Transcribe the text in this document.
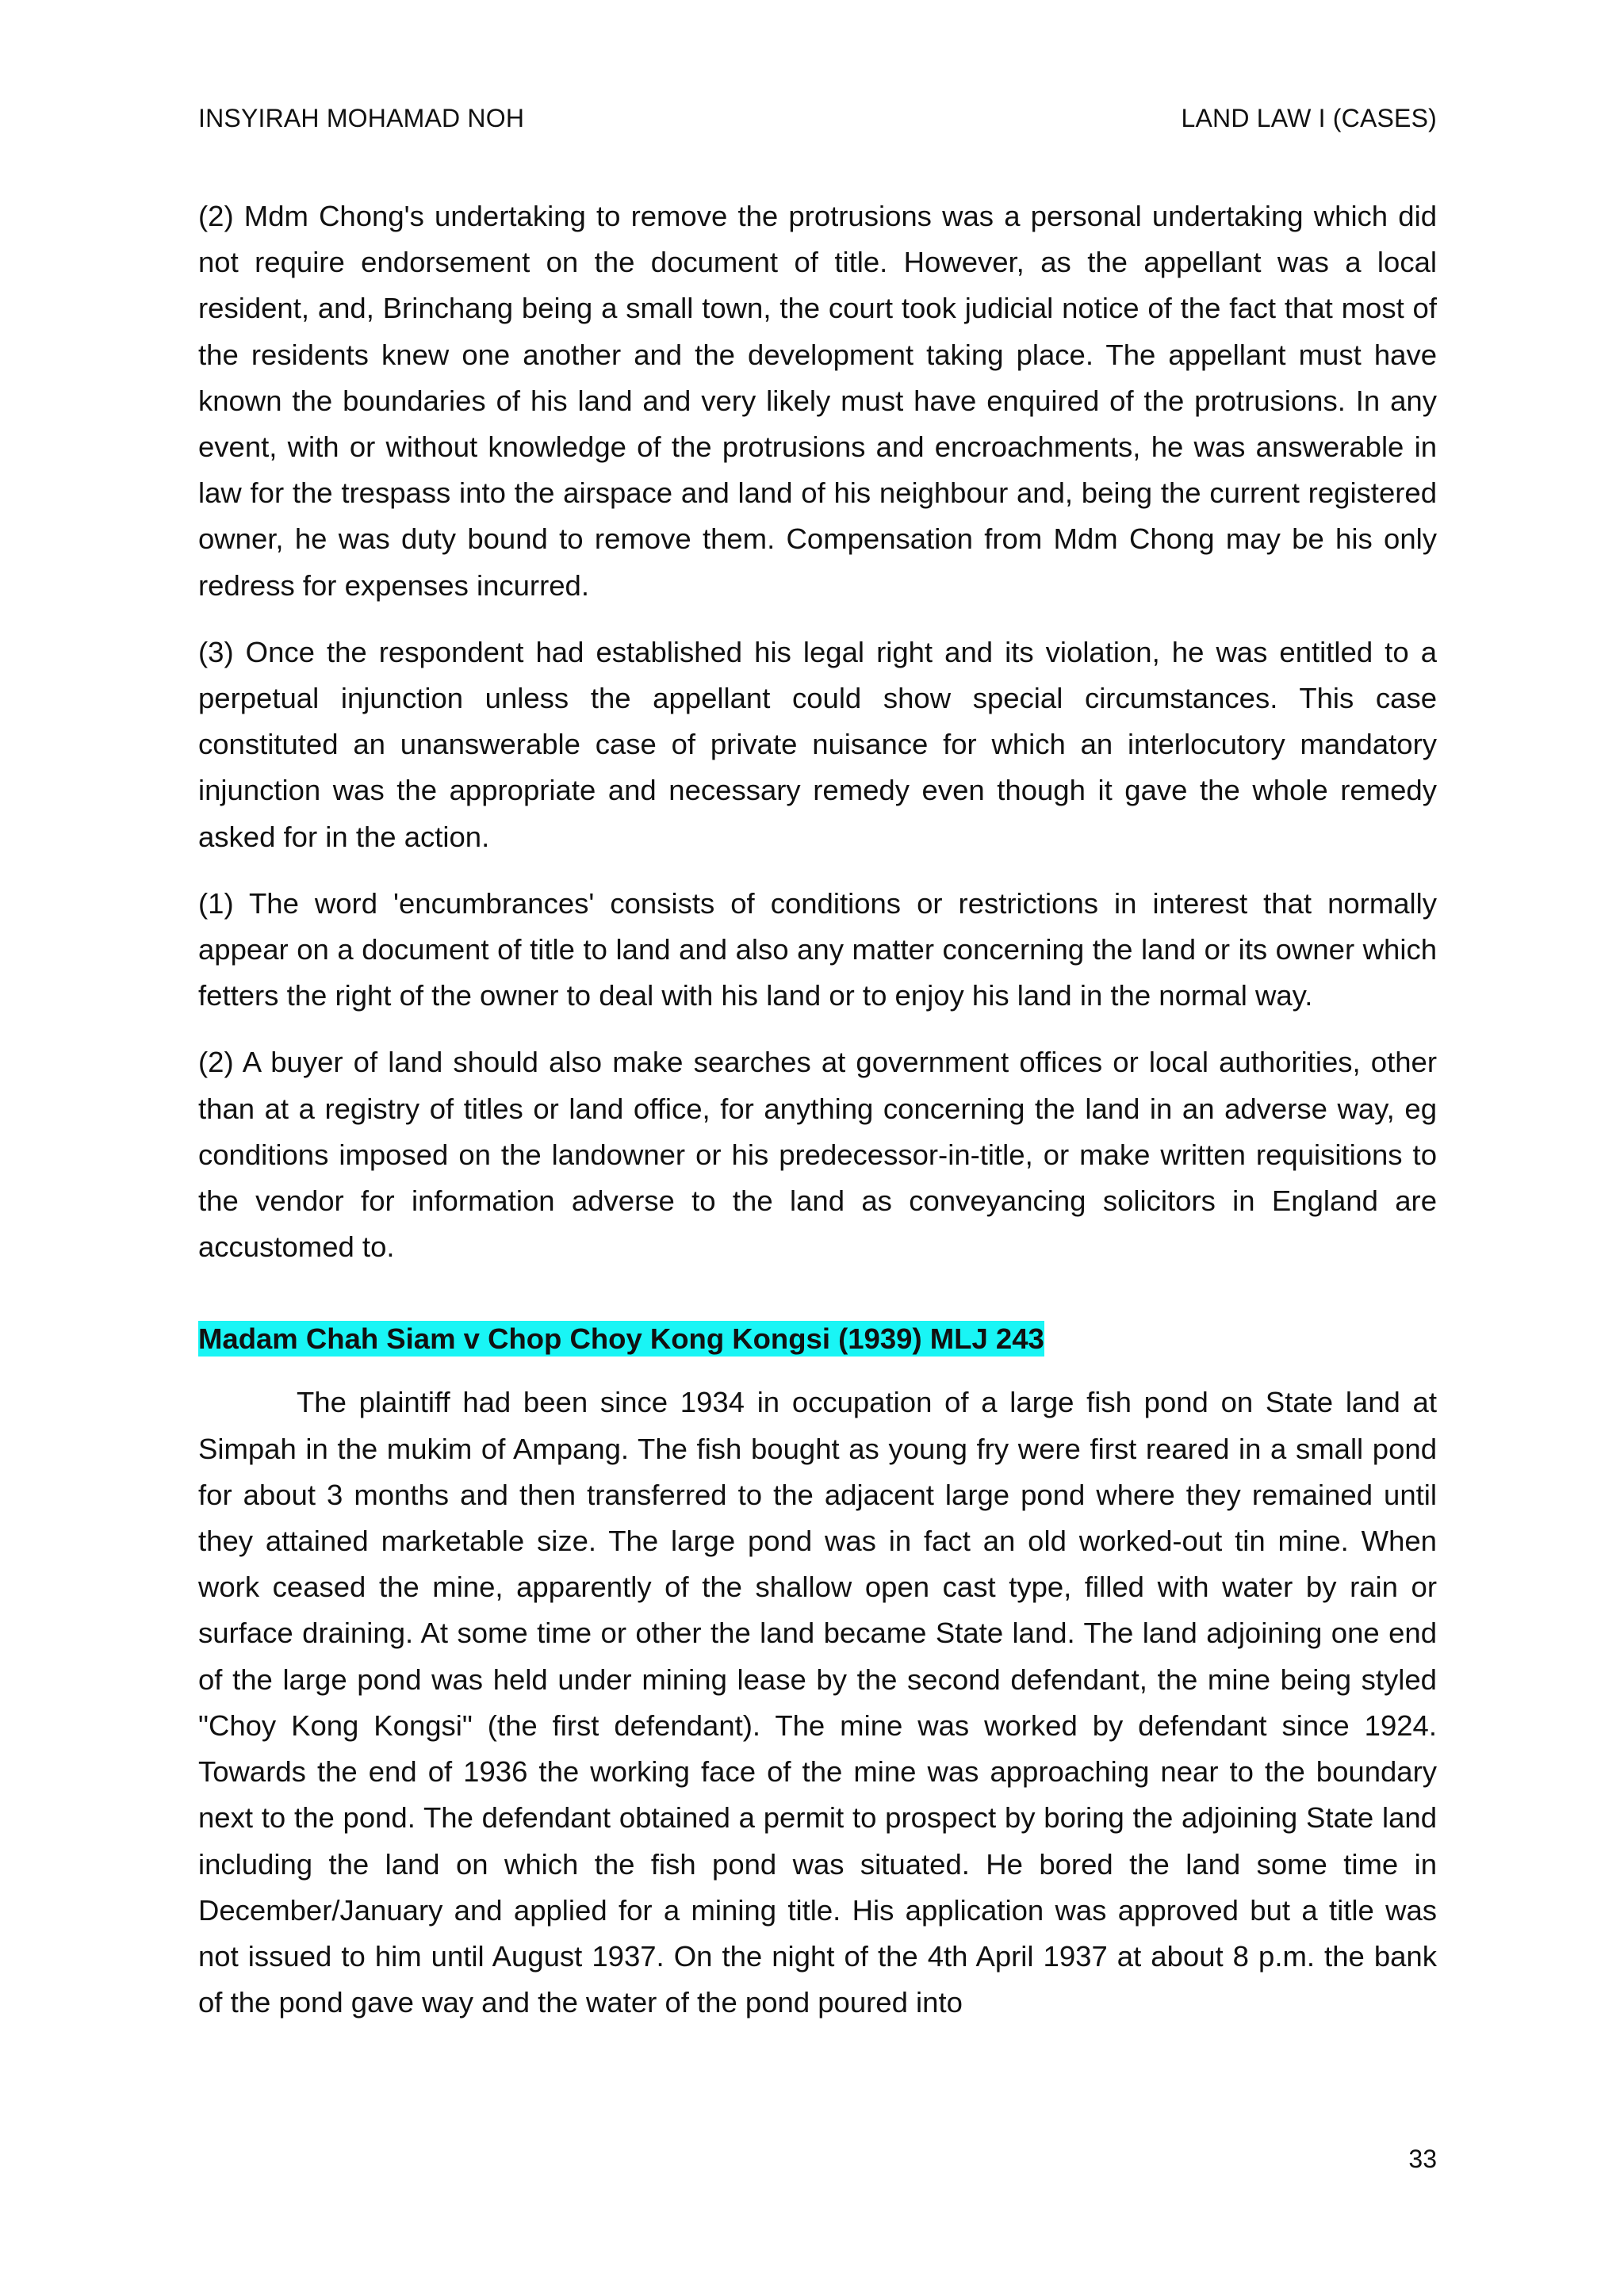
INSYIRAH MOHAMAD NOH	LAND LAW I (CASES)

(2) Mdm Chong's undertaking to remove the protrusions was a personal undertaking which did not require endorsement on the document of title. However, as the appellant was a local resident, and, Brinchang being a small town, the court took judicial notice of the fact that most of the residents knew one another and the development taking place. The appellant must have known the boundaries of his land and very likely must have enquired of the protrusions. In any event, with or without knowledge of the protrusions and encroachments, he was answerable in law for the trespass into the airspace and land of his neighbour and, being the current registered owner, he was duty bound to remove them. Compensation from Mdm Chong may be his only redress for expenses incurred.

(3) Once the respondent had established his legal right and its violation, he was entitled to a perpetual injunction unless the appellant could show special circumstances. This case constituted an unanswerable case of private nuisance for which an interlocutory mandatory injunction was the appropriate and necessary remedy even though it gave the whole remedy asked for in the action.

(1) The word 'encumbrances' consists of conditions or restrictions in interest that normally appear on a document of title to land and also any matter concerning the land or its owner which fetters the right of the owner to deal with his land or to enjoy his land in the normal way.

(2) A buyer of land should also make searches at government offices or local authorities, other than at a registry of titles or land office, for anything concerning the land in an adverse way, eg conditions imposed on the landowner or his predecessor-in-title, or make written requisitions to the vendor for information adverse to the land as conveyancing solicitors in England are accustomed to.

Madam Chah Siam v Chop Choy Kong Kongsi (1939) MLJ 243

The plaintiff had been since 1934 in occupation of a large fish pond on State land at Simpah in the mukim of Ampang. The fish bought as young fry were first reared in a small pond for about 3 months and then transferred to the adjacent large pond where they remained until they attained marketable size. The large pond was in fact an old worked-out tin mine. When work ceased the mine, apparently of the shallow open cast type, filled with water by rain or surface draining. At some time or other the land became State land. The land adjoining one end of the large pond was held under mining lease by the second defendant, the mine being styled "Choy Kong Kongsi" (the first defendant). The mine was worked by defendant since 1924. Towards the end of 1936 the working face of the mine was approaching near to the boundary next to the pond. The defendant obtained a permit to prospect by boring the adjoining State land including the land on which the fish pond was situated. He bored the land some time in December/January and applied for a mining title. His application was approved but a title was not issued to him until August 1937. On the night of the 4th April 1937 at about 8 p.m. the bank of the pond gave way and the water of the pond poured into

33
